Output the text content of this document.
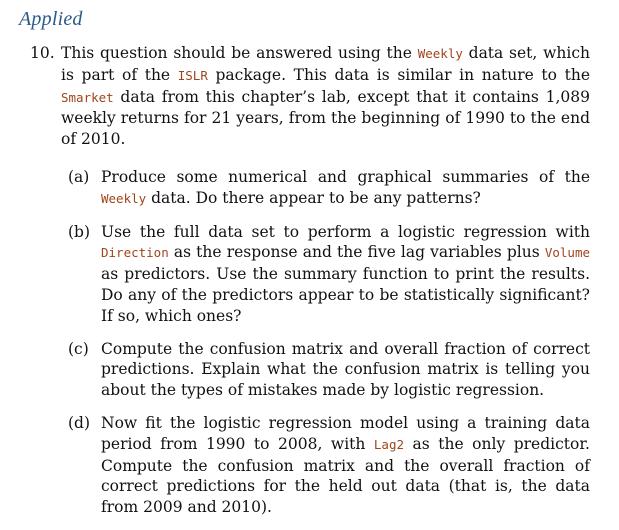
Applied
10. This question should be answered using the Weekly data set, which is part of the ISLR package. This data is similar in nature to the Smarket data from this chapter’s lab, except that it contains 1,089 weekly returns for 21 years, from the beginning of 1990 to the end of 2010.

(a) Produce some numerical and graphical summaries of the Weekly data. Do there appear to be any patterns?

(b) Use the full data set to perform a logistic regression with Direction as the response and the five lag variables plus Volume as predictors. Use the summary function to print the results. Do any of the predictors appear to be statistically significant? If so, which ones?

(c) Compute the confusion matrix and overall fraction of correct predictions. Explain what the confusion matrix is telling you about the types of mistakes made by logistic regression.

(d) Now fit the logistic regression model using a training data period from 1990 to 2008, with Lag2 as the only predictor. Compute the confusion matrix and the overall fraction of correct predictions for the held out data (that is, the data from 2009 and 2010).
